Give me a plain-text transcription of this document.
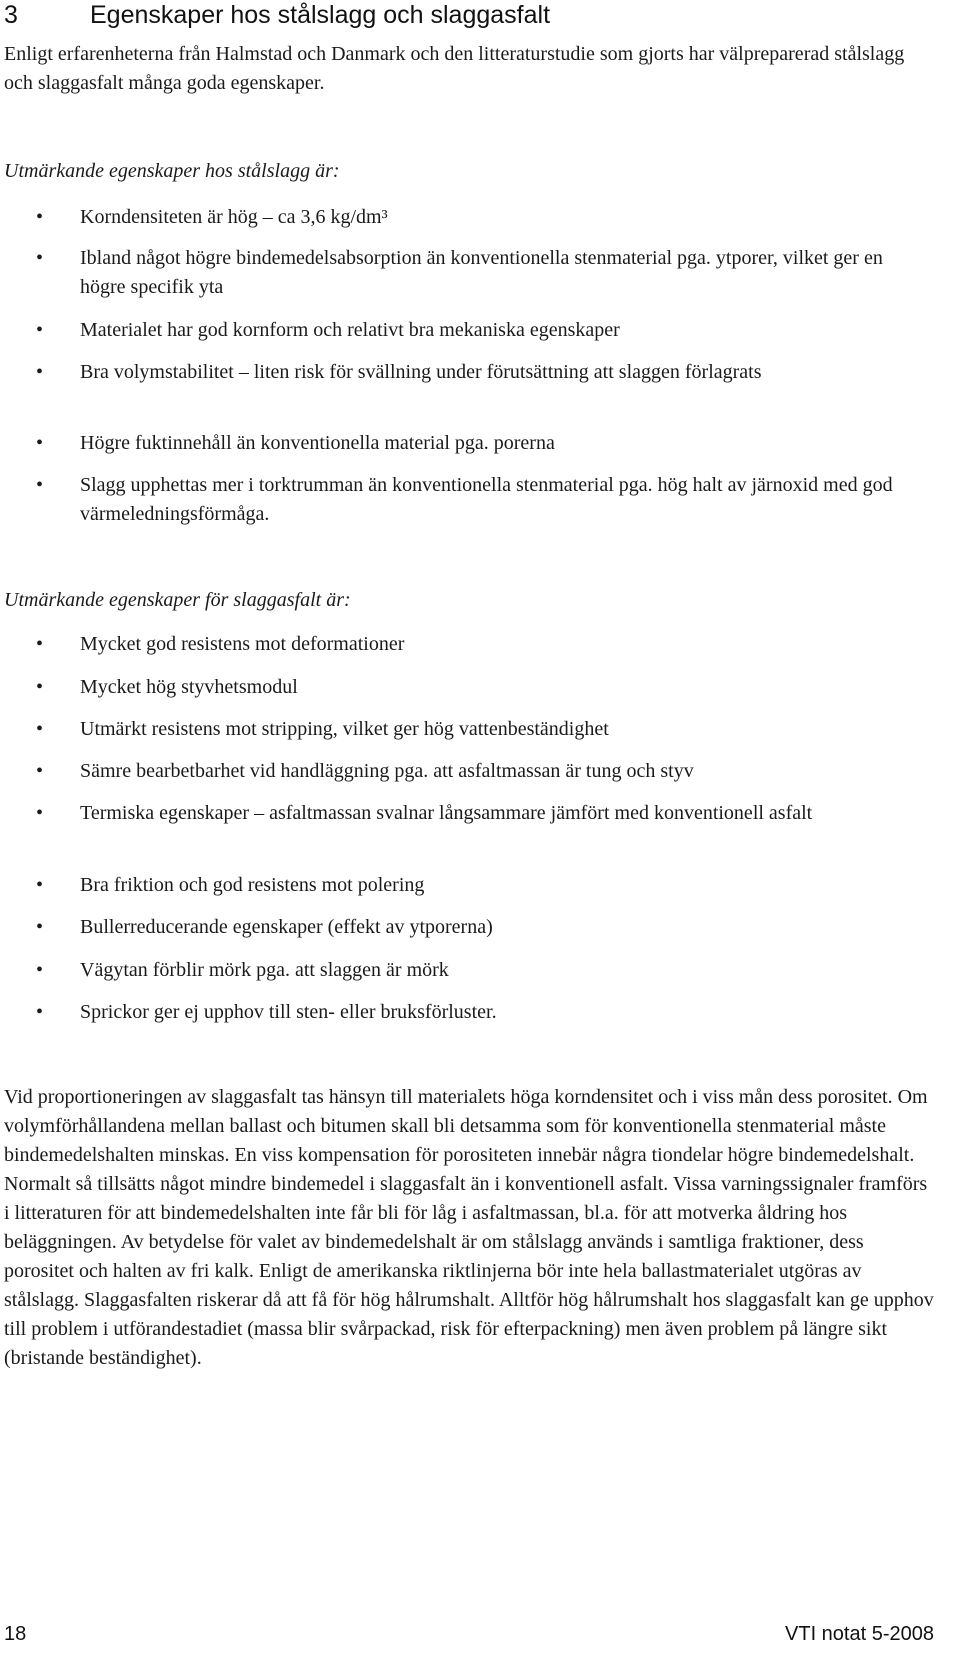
3	Egenskaper hos stålslagg och slaggasfalt

Enligt erfarenheterna från Halmstad och Danmark och den litteraturstudie som gjorts har välpreparerad stålslagg och slaggasfalt många goda egenskaper.

Utmärkande egenskaper hos stålslagg är:
•	Korndensiteten är hög – ca 3,6 kg/dm³
•	Ibland något högre bindemedelsabsorption än konventionella stenmaterial pga. ytporer, vilket ger en högre specifik yta
•	Materialet har god kornform och relativt bra mekaniska egenskaper
•	Bra volymstabilitet – liten risk för svällning under förutsättning att slaggen förlagrats
•	Högre fuktinnehåll än konventionella material pga. porerna
•	Slagg upphettas mer i torktrumman än konventionella stenmaterial pga. hög halt av järnoxid med god värmeledningsförmåga.
Utmärkande egenskaper för slaggasfalt är:
•	Mycket god resistens mot deformationer
•	Mycket hög styvhetsmodul
•	Utmärkt resistens mot stripping, vilket ger hög vattenbeständighet
•	Sämre bearbetbarhet vid handläggning pga. att asfaltmassan är tung och styv
•	Termiska egenskaper – asfaltmassan svalnar långsammare jämfört med konventionell asfalt
•	Bra friktion och god resistens mot polering
•	Bullerreducerande egenskaper (effekt av ytporerna)
•	Vägytan förblir mörk pga. att slaggen är mörk
•	Sprickor ger ej upphov till sten- eller bruksförluster.

Vid proportioneringen av slaggasfalt tas hänsyn till materialets höga korndensitet och i viss mån dess porositet. Om volymförhållandena mellan ballast och bitumen skall bli detsamma som för konventionella stenmaterial måste bindemedelshalten minskas. En viss kompensation för porositeten innebär några tiondelar högre bindemedelshalt. Normalt så tillsätts något mindre bindemedel i slaggasfalt än i konventionell asfalt. Vissa varningssignaler framförs i litteraturen för att bindemedelshalten inte får bli för låg i asfaltmassan, bl.a. för att motverka åldring hos beläggningen. Av betydelse för valet av bindemedelshalt är om stålslagg används i samtliga fraktioner, dess porositet och halten av fri kalk. Enligt de amerikanska riktlinjerna bör inte hela ballastmaterialet utgöras av stålslagg. Slaggasfalten riskerar då att få för hög hålrumshalt. Alltför hög hålrumshalt hos slaggasfalt kan ge upphov till problem i utförandestadiet (massa blir svårpackad, risk för efterpackning) men även problem på längre sikt (bristande beständighet).

18	VTI notat 5-2008
